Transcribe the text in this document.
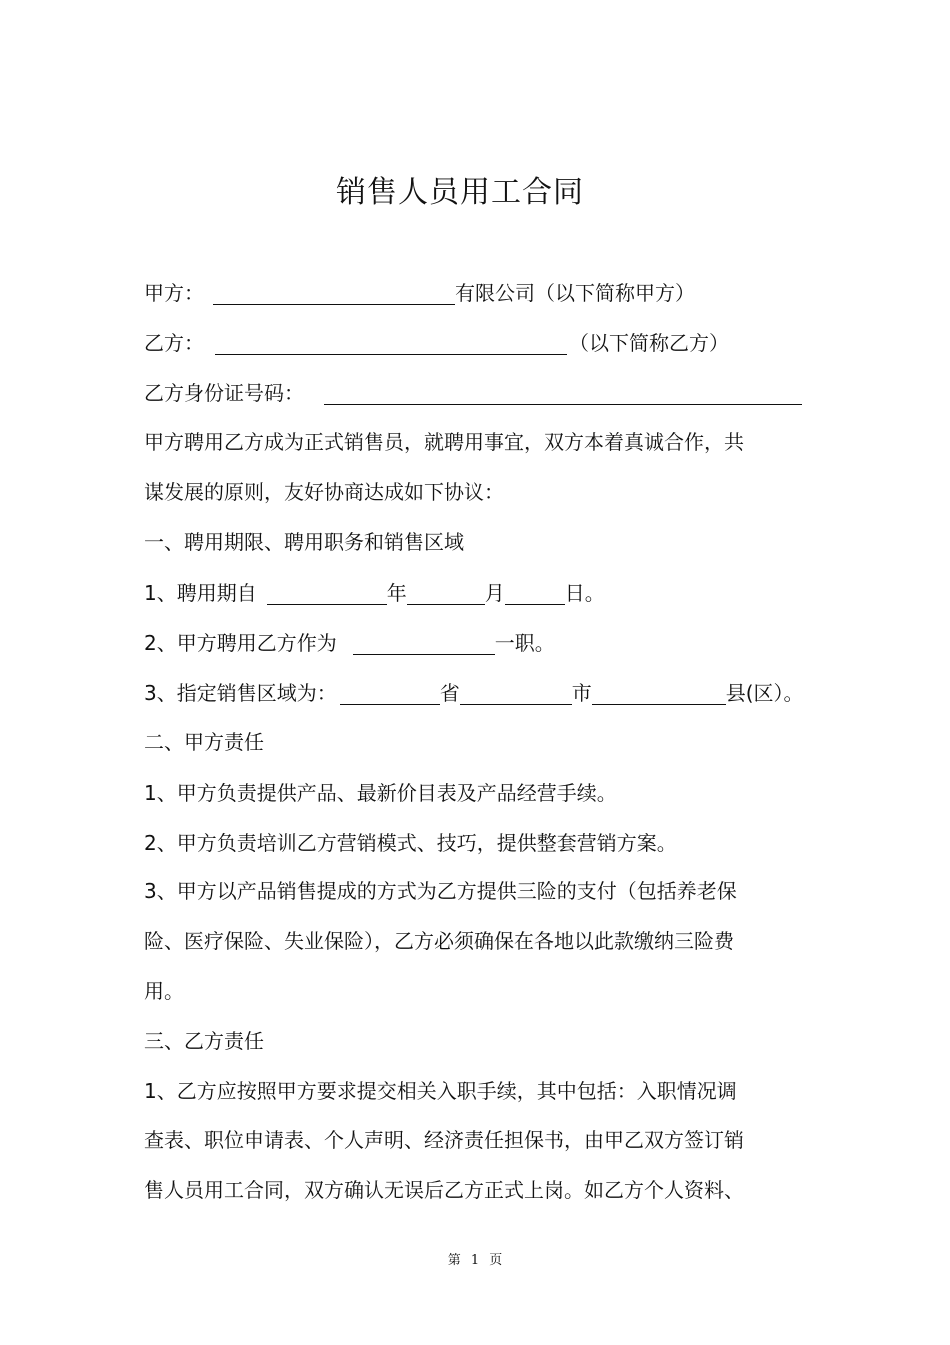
销售人员用工合同
甲方：	有限公司（以下简称甲方）
乙方：	（以下简称乙方）
乙方身份证号码：
甲方聘用乙方成为正式销售员，就聘用事宜，双方本着真诚合作，共
谋发展的原则，友好协商达成如下协议：
一、聘用期限、聘用职务和销售区域
1、聘用期自	年	月	日。
2、甲方聘用乙方作为	一职。
3、指定销售区域为：	省	市	县(区）。
二、甲方责任
1、甲方负责提供产品、最新价目表及产品经营手续。
2、甲方负责培训乙方营销模式、技巧，提供整套营销方案。
3、甲方以产品销售提成的方式为乙方提供三险的支付（包括养老保
险、医疗保险、失业保险），乙方必须确保在各地以此款缴纳三险费
用。
三、乙方责任
1、乙方应按照甲方要求提交相关入职手续，其中包括：入职情况调
查表、职位申请表、个人声明、经济责任担保书，由甲乙双方签订销
售人员用工合同，双方确认无误后乙方正式上岗。如乙方个人资料、
第 1 页
